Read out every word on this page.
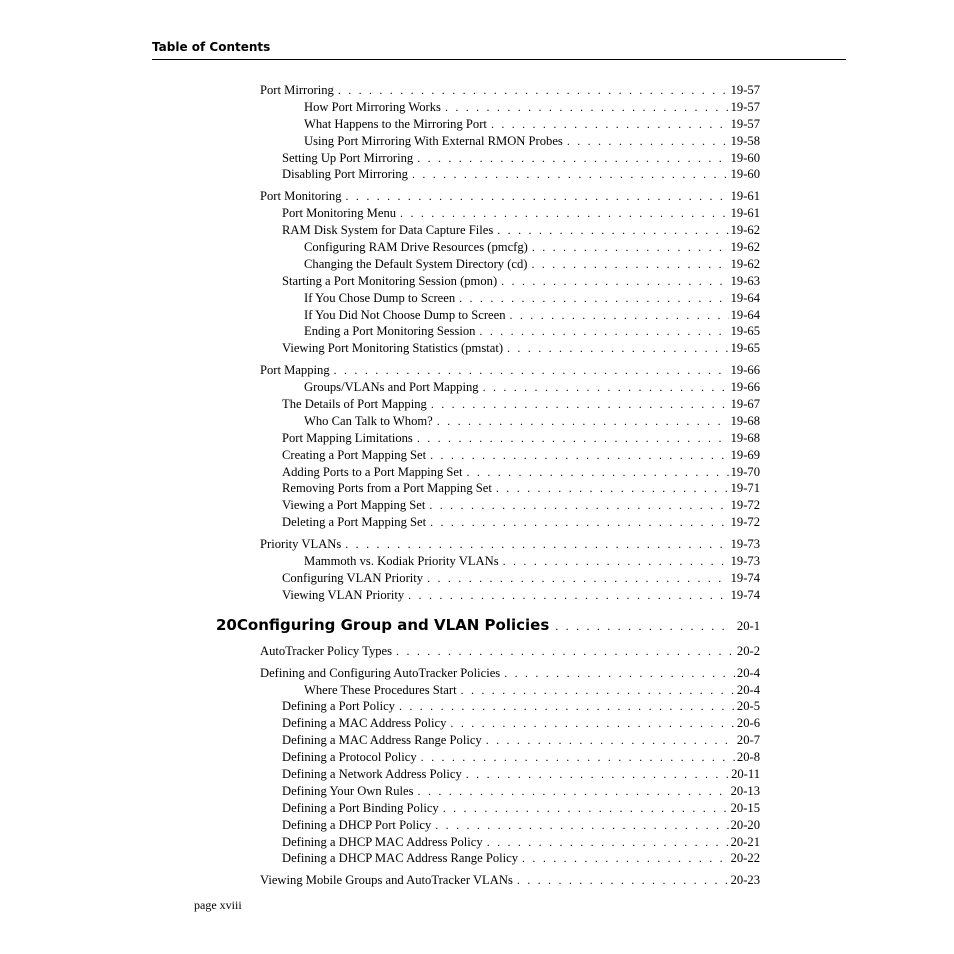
Table of Contents
Port Mirroring . . .	19-57
How Port Mirroring Works . . .	19-57
What Happens to the Mirroring Port . . .	19-57
Using Port Mirroring With External RMON Probes . . .	19-58
Setting Up Port Mirroring . . .	19-60
Disabling Port Mirroring . . .	19-60
Port Monitoring . . .	19-61
Port Monitoring Menu . . .	19-61
RAM Disk System for Data Capture Files . . .	19-62
Configuring RAM Drive Resources (pmcfg) . . .	19-62
Changing the Default System Directory (cd) . . .	19-62
Starting a Port Monitoring Session (pmon) . . .	19-63
If You Chose Dump to Screen . . .	19-64
If You Did Not Choose Dump to Screen . . .	19-64
Ending a Port Monitoring Session . . .	19-65
Viewing Port Monitoring Statistics (pmstat) . . .	19-65
Port Mapping . . .	19-66
Groups/VLANs and Port Mapping . . .	19-66
The Details of Port Mapping . . .	19-67
Who Can Talk to Whom? . . .	19-68
Port Mapping Limitations . . .	19-68
Creating a Port Mapping Set . . .	19-69
Adding Ports to a Port Mapping Set . . .	19-70
Removing Ports from a Port Mapping Set . . .	19-71
Viewing a Port Mapping Set . . .	19-72
Deleting a Port Mapping Set . . .	19-72
Priority VLANs . . .	19-73
Mammoth vs. Kodiak Priority VLANs . . .	19-73
Configuring VLAN Priority . . .	19-74
Viewing VLAN Priority . . .	19-74
20 Configuring Group and VLAN Policies . . .	20-1
AutoTracker Policy Types . . .	20-2
Defining and Configuring AutoTracker Policies . . .	20-4
Where These Procedures Start . . .	20-4
Defining a Port Policy . . .	20-5
Defining a MAC Address Policy . . .	20-6
Defining a MAC Address Range Policy . . .	20-7
Defining a Protocol Policy . . .	20-8
Defining a Network Address Policy . . .	20-11
Defining Your Own Rules . . .	20-13
Defining a Port Binding Policy . . .	20-15
Defining a DHCP Port Policy . . .	20-20
Defining a DHCP MAC Address Policy . . .	20-21
Defining a DHCP MAC Address Range Policy . . .	20-22
Viewing Mobile Groups and AutoTracker VLANs . . .	20-23
page xviii
